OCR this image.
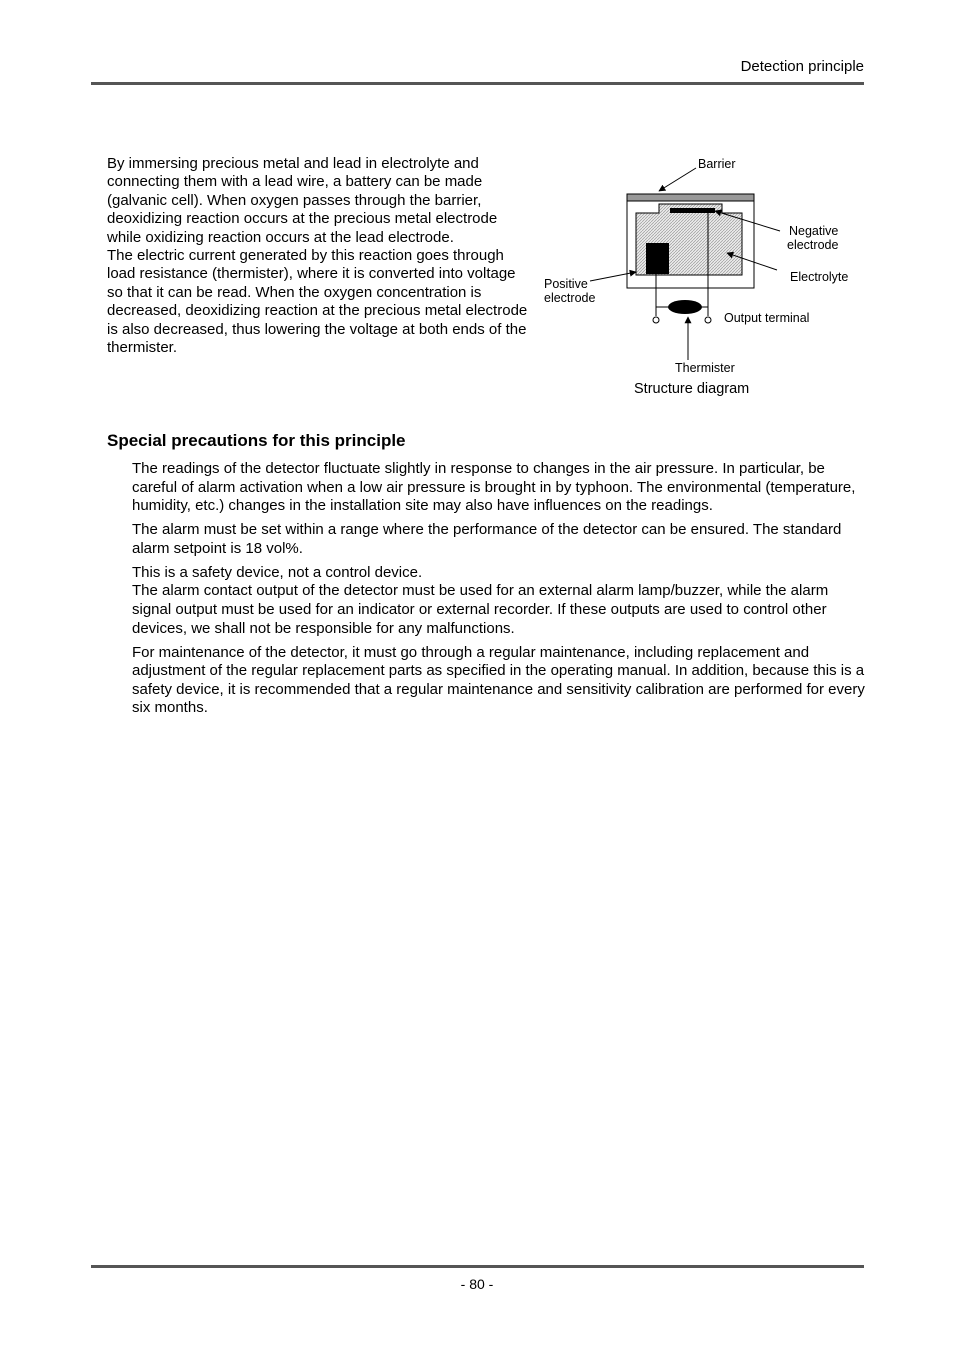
Detection principle

By immersing precious metal and lead in electrolyte and connecting them with a lead wire, a battery can be made (galvanic cell). When oxygen passes through the barrier, deoxidizing reaction occurs at the precious metal electrode while oxidizing reaction occurs at the lead electrode.

The electric current generated by this reaction goes through load resistance (thermister), where it is converted into voltage so that it can be read. When the oxygen concentration is decreased, deoxidizing reaction at the precious metal electrode is also decreased, thus lowering the voltage at both ends of the thermister.

Barrier
Negative
electrode
Electrolyte
Positive
electrode
Output terminal
Thermister
Structure diagram
Special precautions for this principle

The readings of the detector fluctuate slightly in response to changes in the air pressure. In particular, be careful of alarm activation when a low air pressure is brought in by typhoon. The environmental (temperature, humidity, etc.) changes in the installation site may also have influences on the readings.

The alarm must be set within a range where the performance of the detector can be ensured. The standard alarm setpoint is 18 vol%.

This is a safety device, not a control device.

The alarm contact output of the detector must be used for an external alarm lamp/buzzer, while the alarm signal output must be used for an indicator or external recorder. If these outputs are used to control other devices, we shall not be responsible for any malfunctions.

For maintenance of the detector, it must go through a regular maintenance, including replacement and adjustment of the regular replacement parts as specified in the operating manual. In addition, because this is a safety device, it is recommended that a regular maintenance and sensitivity calibration are performed for every six months.

- 80 -
